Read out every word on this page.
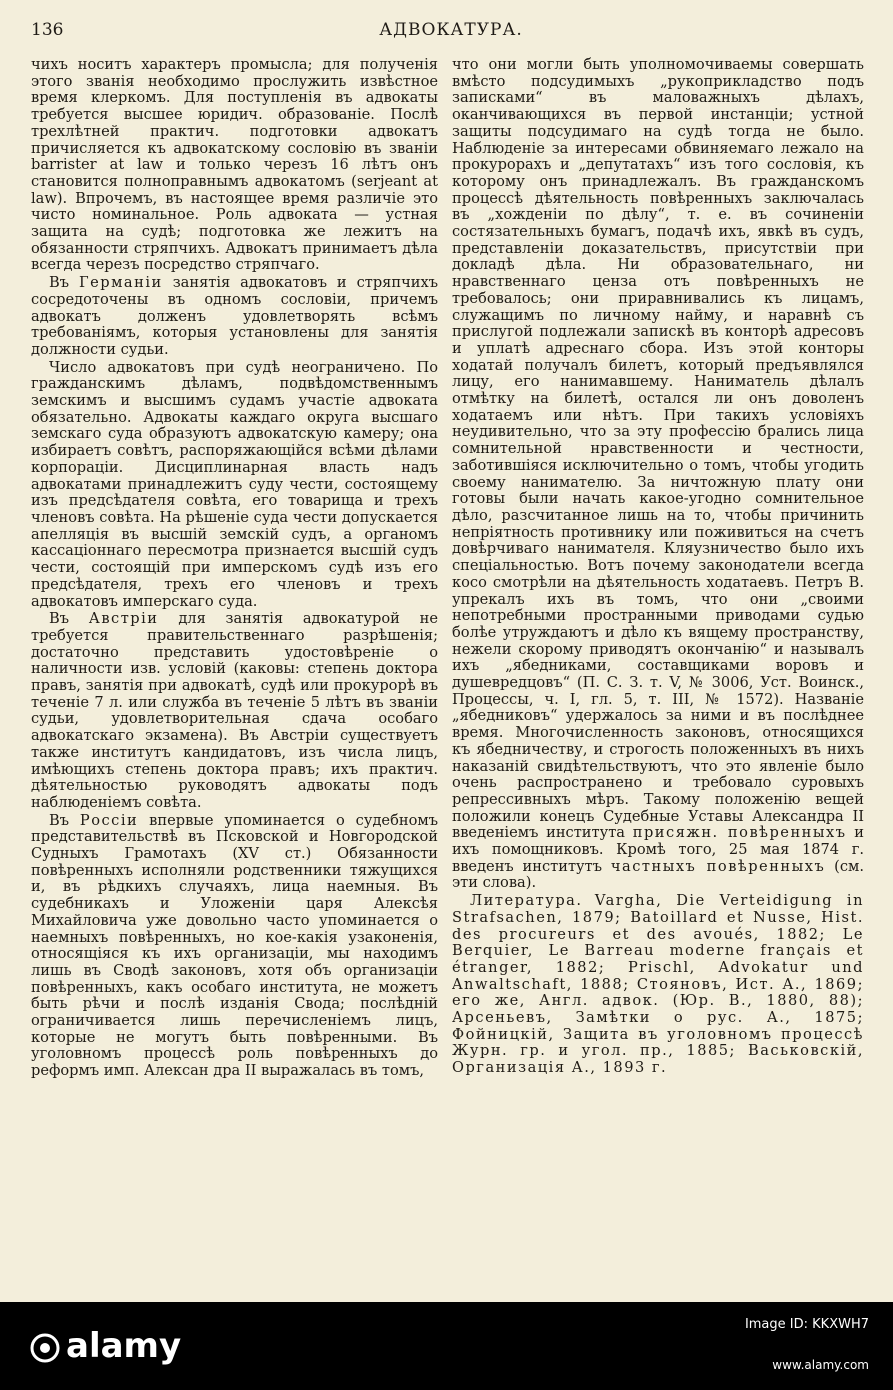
136	АДВОКАТУРА.

чихъ носитъ характеръ промысла; для полученія этого званія необходимо прослужить извѣстное время клеркомъ. Для поступленія въ адвокаты требуется высшее юридич. образованіе. Послѣ трехлѣтней практич. подготовки адвокатъ причисляется къ адвокатскому сословію въ званіи barrister at law и только черезъ 16 лѣтъ онъ становится полноправнымъ адвокатомъ (serjeant at law). Впрочемъ, въ настоящее время различіе это чисто номинальное. Роль адвоката — устная защита на судѣ; подготовка же лежитъ на обязанности стряпчихъ. Адвокатъ принимаетъ дѣла всегда черезъ посредство стряпчаго.

Въ Германіи занятія адвокатовъ и стряпчихъ сосредоточены въ одномъ сословіи, причемъ адвокатъ долженъ удовлетворять всѣмъ требованіямъ, которыя установлены для занятія должности судьи.

Число адвокатовъ при судѣ неограничено. По гражданскимъ дѣламъ, подвѣдомственнымъ земскимъ и высшимъ судамъ участіе адвоката обязательно. Адвокаты каждаго округа высшаго земскаго суда образуютъ адвокатскую камеру; она избираетъ совѣтъ, распоряжающійся всѣми дѣлами корпораціи. Дисциплинарная власть надъ адвокатами принадлежитъ суду чести, состоящему изъ предсѣдателя совѣта, его товарища и трехъ членовъ совѣта. На рѣшеніе суда чести допускается апелляція въ высшій земскій судъ, а органомъ кассаціоннаго пересмотра признается высшій судъ чести, состоящій при имперскомъ судѣ изъ его предсѣдателя, трехъ его членовъ и трехъ адвокатовъ имперскаго суда.

Въ Австріи для занятія адвокатурой не требуется правительственнаго разрѣшенія; достаточно представить удостовѣреніе о наличности изв. условій (каковы: степень доктора правъ, занятія при адвокатѣ, судѣ или прокурорѣ въ теченіе 7 л. или служба въ теченіе 5 лѣтъ въ званіи судьи, удовлетворительная сдача особаго адвокатскаго экзамена). Въ Австріи существуетъ также институтъ кандидатовъ, изъ числа лицъ, имѣющихъ степень доктора правъ; ихъ практич. дѣятельностью руководятъ адвокаты подъ наблюденіемъ совѣта.

Въ Россіи впервые упоминается о судебномъ представительствѣ въ Псковской и Новгородской Судныхъ Грамотахъ (XV ст.) Обязанности повѣренныхъ исполняли родственники тяжущихся и, въ рѣдкихъ случаяхъ, лица наемныя. Въ судебникахъ и Уложеніи царя Алексѣя Михайловича уже довольно часто упоминается о наемныхъ повѣренныхъ, но кое-какія узаконенія, относящіяся къ ихъ организаціи, мы находимъ лишь въ Сводѣ законовъ, хотя объ организаціи повѣренныхъ, какъ особаго института, не можетъ быть рѣчи и послѣ изданія Свода; послѣдній ограничивается лишь перечисленіемъ лицъ, которые не могутъ быть повѣренными. Въ уголовномъ процессѣ роль повѣренныхъ до реформъ имп. Алексан дра II выражалась въ томъ,

что они могли быть уполномочиваемы совершать вмѣсто подсудимыхъ „рукоприкладство подъ записками“ въ маловажныхъ дѣлахъ, оканчивающихся въ первой инстанціи; устной защиты подсудимаго на судѣ тогда не было. Наблюденіе за интересами обвиняемаго лежало на прокурорахъ и „депутатахъ“ изъ того сословія, къ которому онъ принадлежалъ. Въ гражданскомъ процессѣ дѣятельность повѣренныхъ заключалась въ „хожденіи по дѣлу“, т. е. въ сочиненіи состязательныхъ бумагъ, подачѣ ихъ, явкѣ въ судъ, представленіи доказательствъ, присутствіи при докладѣ дѣла. Ни образовательнаго, ни нравственнаго ценза отъ повѣренныхъ не требовалось; они приравнивались къ лицамъ, служащимъ по личному найму, и наравнѣ съ прислугой подлежали запискѣ въ конторѣ адресовъ и уплатѣ адреснаго сбора. Изъ этой конторы ходатай получалъ билетъ, который предъявлялся лицу, его нанимавшему. Наниматель дѣлалъ отмѣтку на билетѣ, остался ли онъ доволенъ ходатаемъ или нѣтъ. При такихъ условіяхъ неудивительно, что за эту профессію брались лица сомнительной нравственности и честности, заботившіяся исключительно о томъ, чтобы угодить своему нанимателю. За ничтожную плату они готовы были начать какое-угодно сомнительное дѣло, разсчитанное лишь на то, чтобы причинить непріятность противнику или поживиться на счетъ довѣрчиваго нанимателя. Кляузничество было ихъ спеціальностью. Вотъ почему законодатели всегда косо смотрѣли на дѣятельность ходатаевъ. Петръ В. упрекалъ ихъ въ томъ, что они „своими непотребными пространными приводами судью болѣе утруждаютъ и дѣло къ вящему пространству, нежели скорому приводятъ окончанію“ и называлъ ихъ „ябедниками, составщиками воровъ и душевредцовъ“ (П. С. З. т. V, № 3006, Уст. Воинск., Процессы, ч. I, гл. 5, т. III, № 1572). Названіе „ябедниковъ“ удержалось за ними и въ послѣднее время. Многочисленность законовъ, относящихся къ ябедничеству, и строгость положенныхъ въ нихъ наказаній свидѣтельствуютъ, что это явленіе было очень распространено и требовало суровыхъ репрессивныхъ мѣръ. Такому положенію вещей положили конецъ Судебные Уставы Александра II введеніемъ института присяжн. повѣренныхъ и ихъ помощниковъ. Кромѣ того, 25 мая 1874 г. введенъ институтъ частныхъ повѣренныхъ (см. эти слова).

Литература. Vargha, Die Verteidigung in Strafsachen, 1879; Batoillard et Nusse, Hist. des procureurs et des avoués, 1882; Le Berquier, Le Barreau moderne français et étranger, 1882; Prischl, Advokatur und Anwaltschaft, 1888; Стояновъ, Ист. А., 1869; его же, Англ. адвок. (Юр. В., 1880, 88); Арсеньевъ, Замѣтки о рус. А., 1875; Фойницкій, Защита въ уголовномъ процессѣ Журн. гр. и угол. пр., 1885; Васьковскій, Организація А., 1893 г.

alamy
Image ID: KKXWH7
www.alamy.com
